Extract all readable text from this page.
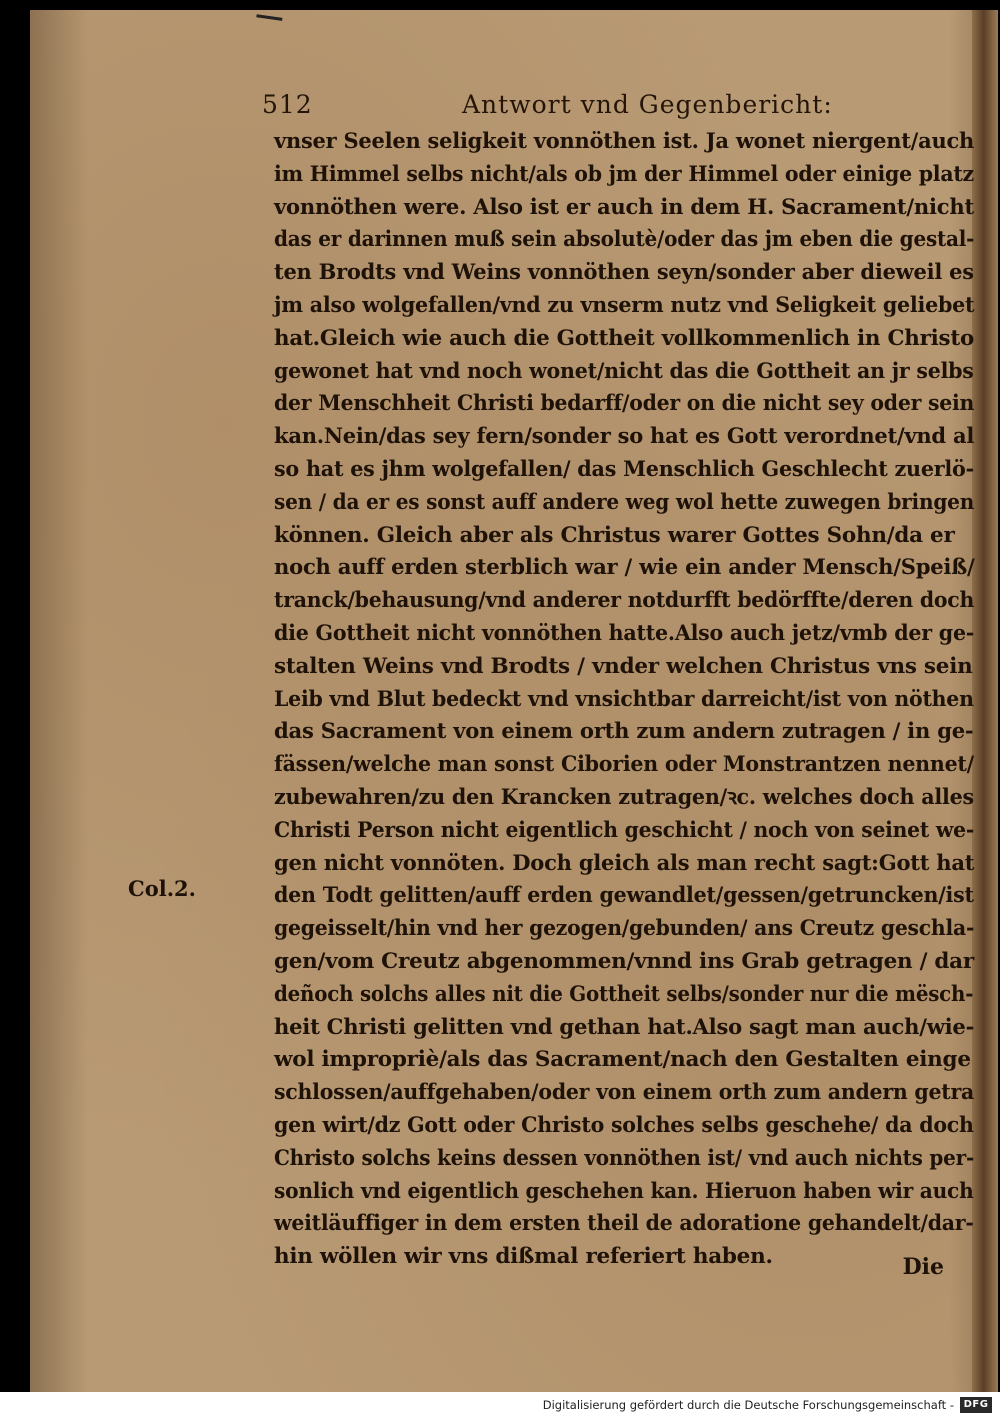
512	Antwort vnd Gegenbericht:
vnser Seelen seligkeit vonnöthen ist. Ja wonet niergent/auch
im Himmel selbs nicht/als ob jm der Himmel oder einige platz
vonnöthen were. Also ist er auch in dem H. Sacrament/nicht
das er darinnen muß sein absolutè/oder das jm eben die gestal-
ten Brodts vnd Weins vonnöthen seyn/sonder aber dieweil es
jm also wolgefallen/vnd zu vnserm nutz vnd Seligkeit geliebet
hat.Gleich wie auch die Gottheit vollkommenlich in Christo
gewonet hat vnd noch wonet/nicht das die Gottheit an jr selbs
der Menschheit Christi bedarff/oder on die nicht sey oder sein
kan.Nein/das sey fern/sonder so hat es Gott verordnet/vnd al
so hat es jhm wolgefallen/ das Menschlich Geschlecht zuerlö-
sen / da er es sonst auff andere weg wol hette zuwegen bringen
können. Gleich aber als Christus warer Gottes Sohn/da er
noch auff erden sterblich war / wie ein ander Mensch/Speiß/
tranck/behausung/vnd anderer notdurfft bedörffte/deren doch
die Gottheit nicht vonnöthen hatte.Also auch jetz/vmb der ge-
stalten Weins vnd Brodts / vnder welchen Christus vns sein
Leib vnd Blut bedeckt vnd vnsichtbar darreicht/ist von nöthen
das Sacrament von einem orth zum andern zutragen / in ge-
fässen/welche man sonst Ciborien oder Monstrantzen nennet/
zubewahren/zu den Krancken zutragen/ꝛc. welches doch alles
Christi Person nicht eigentlich geschicht / noch von seinet we-
gen nicht vonnöten. Doch gleich als man recht sagt:Gott hat
den Todt gelitten/auff erden gewandlet/gessen/getruncken/ist
gegeisselt/hin vnd her gezogen/gebunden/ ans Creutz geschla-
gen/vom Creutz abgenommen/vnnd ins Grab getragen / dar
deñoch solchs alles nit die Gottheit selbs/sonder nur die mësch-
heit Christi gelitten vnd gethan hat.Also sagt man auch/wie-
wol impropriè/als das Sacrament/nach den Gestalten einge
schlossen/auffgehaben/oder von einem orth zum andern getra
gen wirt/dz Gott oder Christo solches selbs geschehe/ da doch
Christo solchs keins dessen vonnöthen ist/ vnd auch nichts per-
sonlich vnd eigentlich geschehen kan. Hieruon haben wir auch
weitläuffiger in dem ersten theil de adoratione gehandelt/dar-
hin wöllen wir vns dißmal referiert haben.
Col.2.
Die
Digitalisierung gefördert durch die Deutsche Forschungsgemeinschaft - DFG
